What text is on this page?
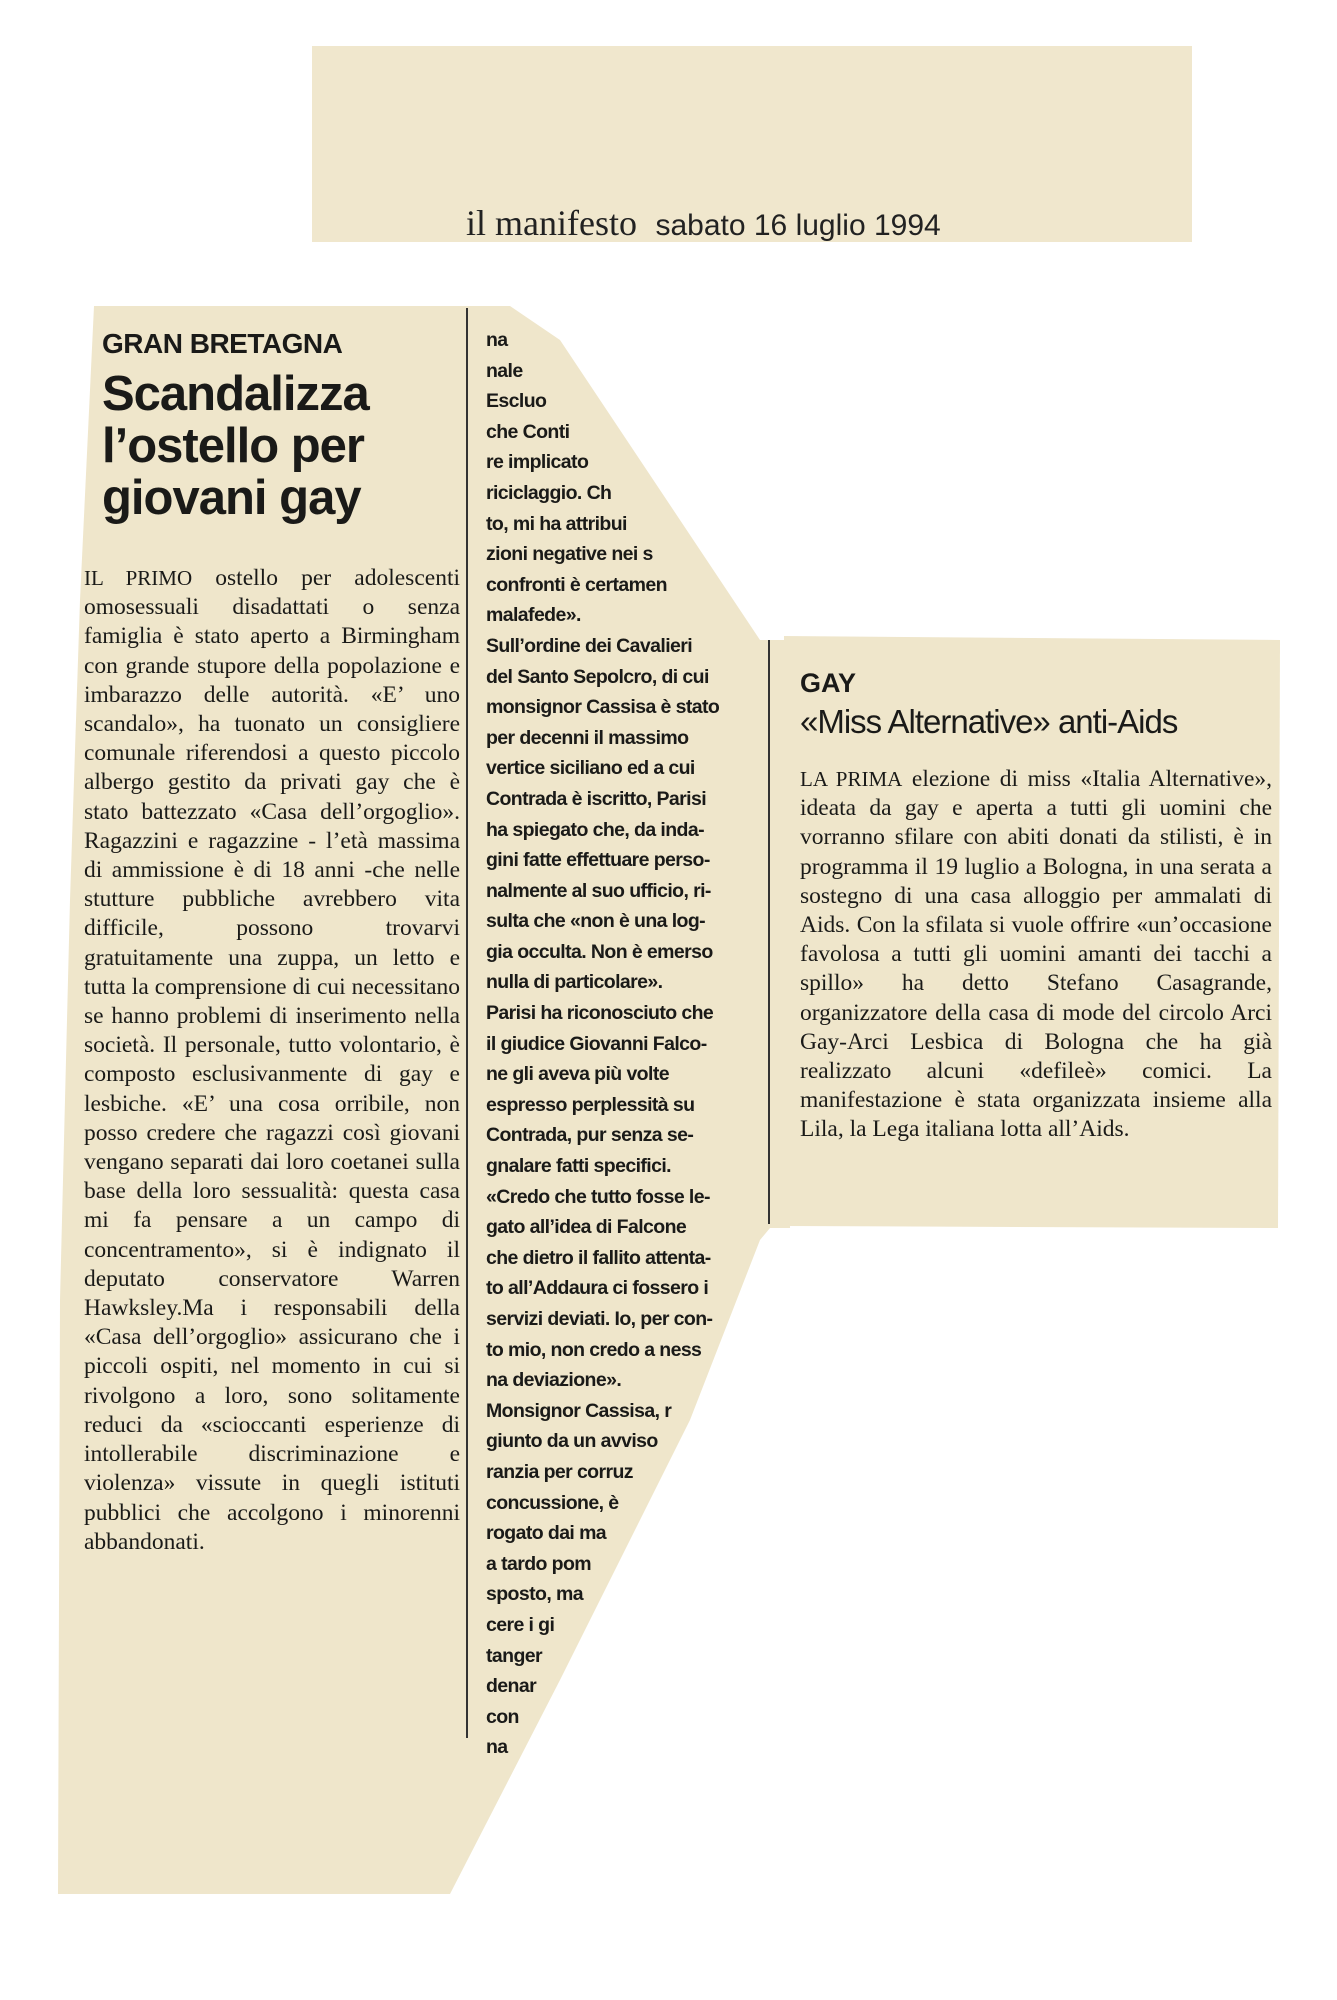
il manifesto sabato 16 luglio 1994
GRAN BRETAGNA
Scandalizza l’ostello per giovani gay
IL PRIMO ostello per adolescenti omosessuali disadattati o senza famiglia è stato aperto a Birmingham con grande stupore della popolazione e imbarazzo delle autorità. «E’ uno scandalo», ha tuonato un consigliere comunale riferendosi a questo piccolo albergo gestito da privati gay che è stato battezzato «Casa dell’orgoglio». Ragazzini e ragazzine - l’età massima di ammissione è di 18 anni -che nelle stutture pubbliche avrebbero vita difficile, possono trovarvi gratuitamente una zuppa, un letto e tutta la comprensione di cui necessitano se hanno problemi di inserimento nella società. Il personale, tutto volontario, è composto esclusivanmente di gay e lesbiche. «E’ una cosa orribile, non posso credere che ragazzi così giovani vengano separati dai loro coetanei sulla base della loro sessualità: questa casa mi fa pensare a un campo di concentramento», si è indignato il deputato conservatore Warren Hawksley.Ma i responsabili della «Casa dell’orgoglio» assicurano che i piccoli ospiti, nel momento in cui si rivolgono a loro, sono solitamente reduci da «scioccanti esperienze di intollerabile discriminazione e violenza» vissute in quegli istituti pubblici che accolgono i minorenni abbandonati.

na

nale

Escluo

che Conti

re implicato

riciclaggio. Ch

to, mi ha attribui

zioni negative nei s

confronti è certamen

malafede».

Sull’ordine dei Cavalieri

del Santo Sepolcro, di cui

monsignor Cassisa è stato

per decenni il massimo

vertice siciliano ed a cui

Contrada è iscritto, Parisi

ha spiegato che, da inda-

gini fatte effettuare perso-

nalmente al suo ufficio, ri-

sulta che «non è una log-

gia occulta. Non è emerso

nulla di particolare».

Parisi ha riconosciuto che

il giudice Giovanni Falco-

ne gli aveva più volte

espresso perplessità su

Contrada, pur senza se-

gnalare fatti specifici.

«Credo che tutto fosse le-

gato all’idea di Falcone

che dietro il fallito attenta-

to all’Addaura ci fossero i

servizi deviati. Io, per con-

to mio, non credo a ness

na deviazione».

Monsignor Cassisa, r

giunto da un avviso

ranzia per corruz

concussione, è

rogato dai ma

a tardo pom

sposto, ma

cere i gi

tanger

denar

con

na

GAY
«Miss Alternative» anti-Aids
LA PRIMA elezione di miss «Italia Alternative», ideata da gay e aperta a tutti gli uomini che vorranno sfilare con abiti donati da stilisti, è in programma il 19 luglio a Bologna, in una serata a sostegno di una casa alloggio per ammalati di Aids. Con la sfilata si vuole offrire «un’occasione favolosa a tutti gli uomini amanti dei tacchi a spillo» ha detto Stefano Casagrande, organizzatore della casa di mode del circolo Arci Gay-Arci Lesbica di Bologna che ha già realizzato alcuni «defileè» comici. La manifestazione è stata organizzata insieme alla Lila, la Lega italiana lotta all’Aids.
